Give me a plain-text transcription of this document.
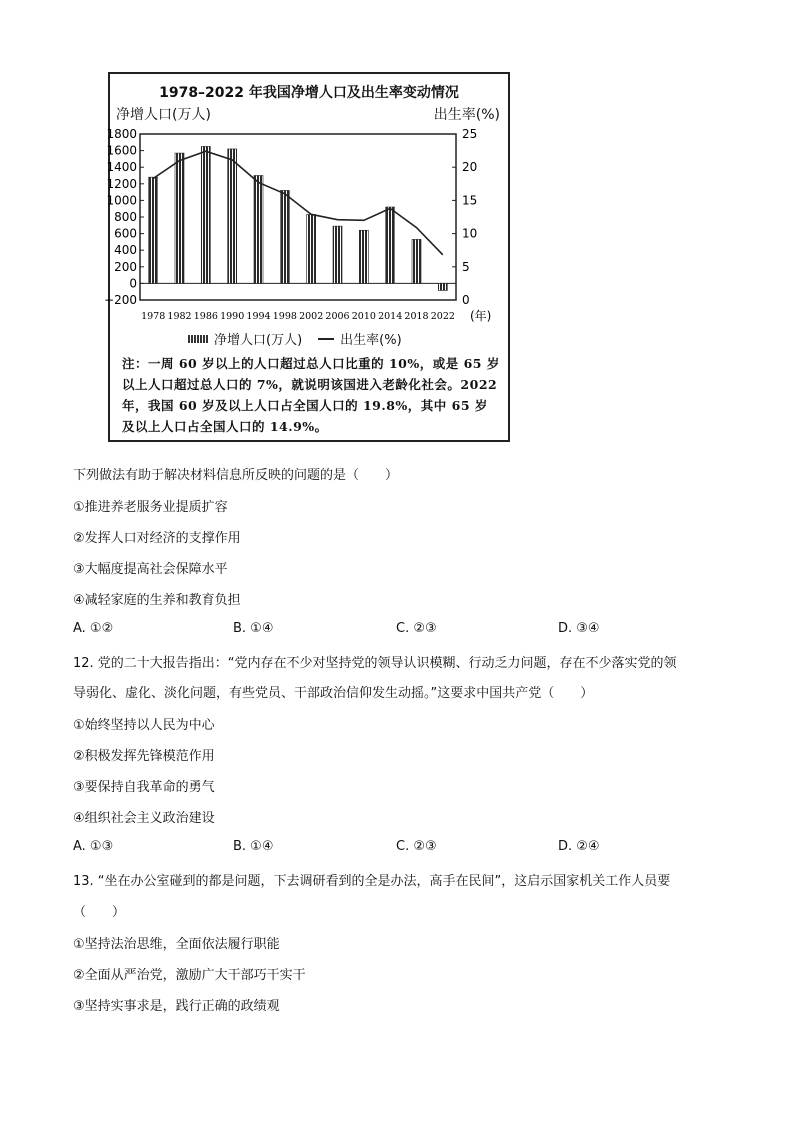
1978–2022 年我国净增人口及出生率变动情况
净增人口(万人)	出生率(%)
1800
1600
1400
1200
1000
800
600
400
200
0
−200
25
20
15
10
5
0
1978 1982 1986 1990 1994 1998 2002 2006 2010 2014 2018 2022 (年)
净增人口(万人)	出生率(%)
注：一周 60 岁以上的人口超过总人口比重的 10%，或是 65 岁以上人口超过总人口的 7%，就说明该国进入老龄化社会。2022 年，我国 60 岁及以上人口占全国人口的 19.8%，其中 65 岁及以上人口占全国人口的 14.9%。
下列做法有助于解决材料信息所反映的问题的是（　　）
①推进养老服务业提质扩容
②发挥人口对经济的支撑作用
③大幅度提高社会保障水平
④减轻家庭的生养和教育负担
A. ①②	B. ①④	C. ②③	D. ③④
12. 党的二十大报告指出：“党内存在不少对坚持党的领导认识模糊、行动乏力问题，存在不少落实党的领
导弱化、虚化、淡化问题，有些党员、干部政治信仰发生动摇。”这要求中国共产党（　　）
①始终坚持以人民为中心
②积极发挥先锋模范作用
③要保持自我革命的勇气
④组织社会主义政治建设
A. ①③	B. ①④	C. ②③	D. ②④
13. “坐在办公室碰到的都是问题，下去调研看到的全是办法，高手在民间”，这启示国家机关工作人员要
（　　）
①坚持法治思维，全面依法履行职能
②全面从严治党，激励广大干部巧干实干
③坚持实事求是，践行正确的政绩观
